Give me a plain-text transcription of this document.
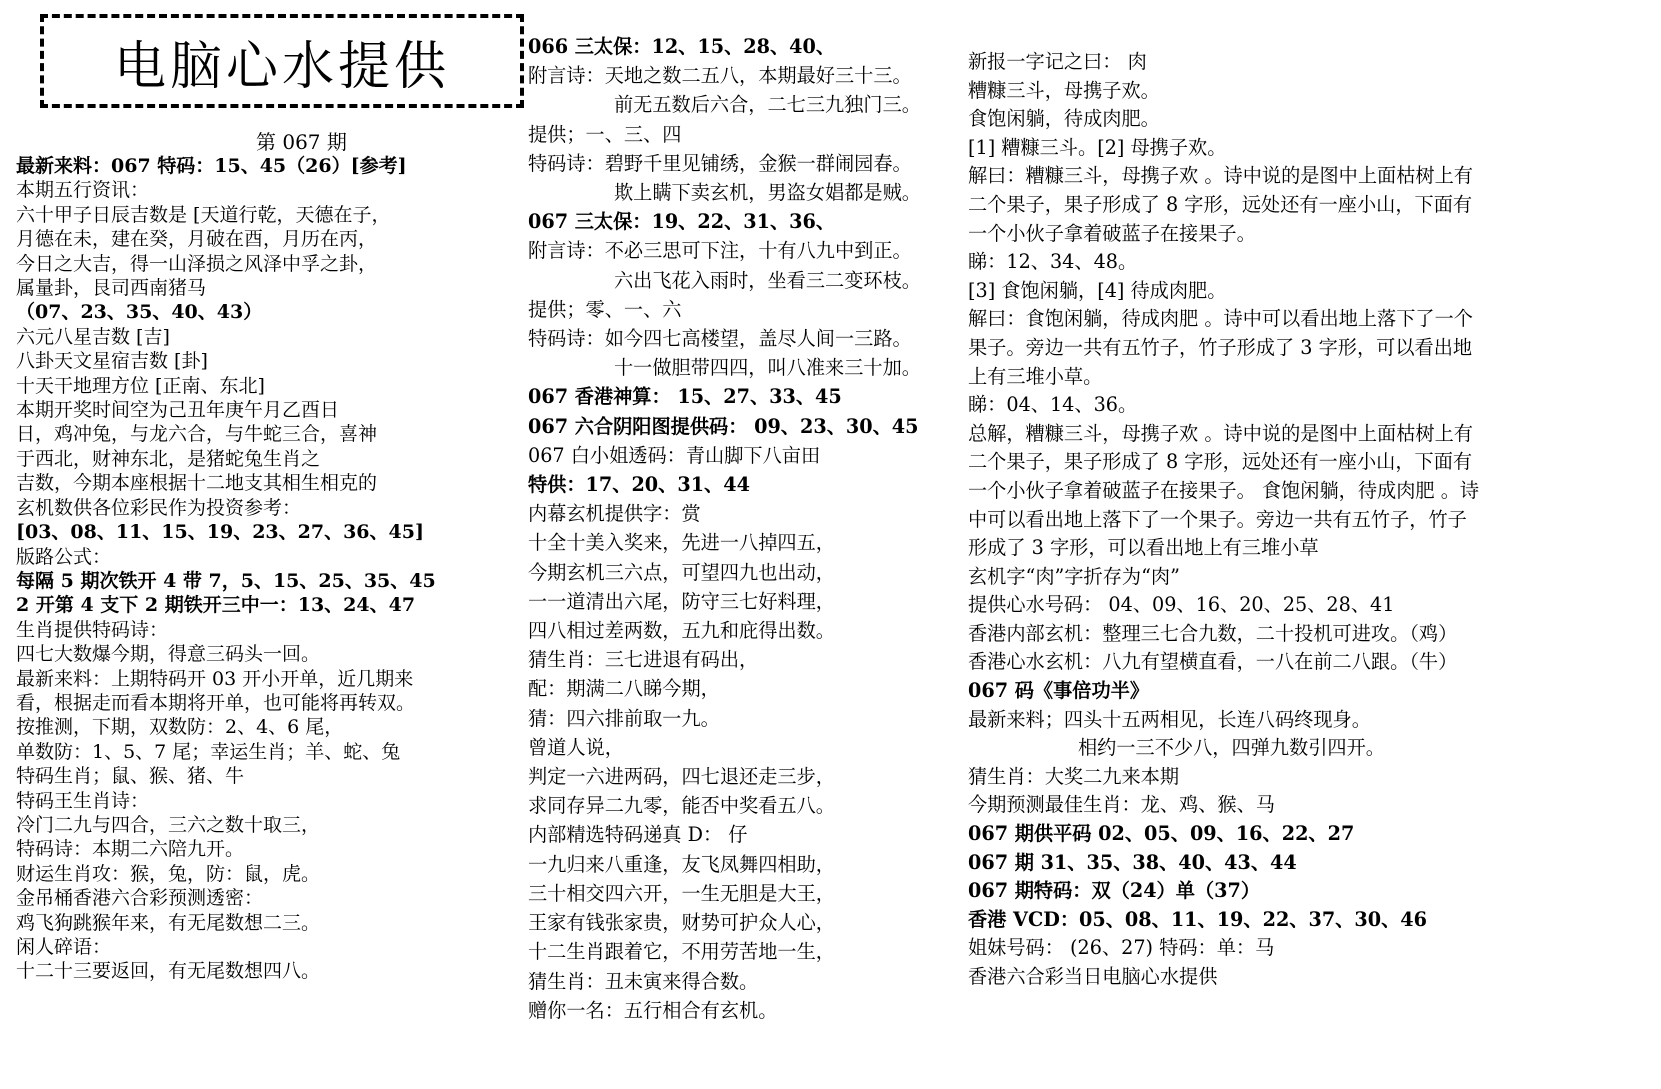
电脑心水提供
第 067 期
最新来料：067 特码：15、45（26）[参考]
本期五行资讯：
六十甲子日辰吉数是 [天道行乾，天德在子，
月德在未，建在癸，月破在酉，月历在丙，
今日之大吉，得一山泽损之风泽中孚之卦，
属量卦，艮司西南猪马
（07、23、35、40、43）
六元八星吉数 [吉]
八卦天文星宿吉数 [卦]
十天干地理方位 [正南、东北]
本期开奖时间空为己丑年庚午月乙酉日
日，鸡冲兔，与龙六合，与牛蛇三合，喜神
于西北，财神东北，是猪蛇兔生肖之
吉数，今期本座根据十二地支其相生相克的
玄机数供各位彩民作为投资参考：
[03、08、11、15、19、23、27、36、45]
版路公式：
每隔 5 期次铁开 4 带 7，5、15、25、35、45
2 开第 4 支下 2 期铁开三中一：13、24、47
生肖提供特码诗：
四七大数爆今期，得意三码头一回。
最新来料：上期特码开 03 开小开单，近几期来
看，根据走而看本期将开单，也可能将再转双。
按推测，下期，双数防：2、4、6 尾，
单数防：1、5、7 尾；幸运生肖；羊、蛇、兔
特码生肖；鼠、猴、猪、牛
特码王生肖诗：
冷门二九与四合，三六之数十取三，
特码诗：本期二六陪九开。
财运生肖攻：猴，兔，防：鼠，虎。
金吊桶香港六合彩预测透密：
鸡飞狗跳猴年来，有无尾数想二三。
闲人碎语：
十二十三要返回，有无尾数想四八。
066 三太保：12、15、28、40、
附言诗：天地之数二五八，本期最好三十三。
前无五数后六合，二七三九独门三。
提供；一、三、四
特码诗：碧野千里见铺绣，金猴一群闹园春。
欺上瞒下卖玄机，男盗女娼都是贼。
067 三太保：19、22、31、36、
附言诗：不必三思可下注，十有八九中到正。
六出飞花入雨时，坐看三二变环枝。
提供；零、一、六
特码诗：如今四七高楼望，盖尽人间一三路。
十一做胆带四四，叫八准来三十加。
067 香港神算： 15、27、33、45
067 六合阴阳图提供码： 09、23、30、45
067 白小姐透码：青山脚下八亩田
特供：17、20、31、44
内幕玄机提供字：赏
十全十美入奖来，先进一八掉四五，
今期玄机三六点，可望四九也出动，
一一道清出六尾，防守三七好料理，
四八相过差两数，五九和庇得出数。
猜生肖：三七进退有码出，
配：期满二八睇今期，
猜：四六排前取一九。
曾道人说，
判定一六进两码，四七退还走三步，
求同存异二九零，能否中奖看五八。
内部精选特码递真 D： 仔
一九归来八重逢，友飞凤舞四相助，
三十相交四六开，一生无胆是大王，
王家有钱张家贵，财势可护众人心，
十二生肖跟着它，不用劳苦地一生，
猜生肖：丑未寅来得合数。
赠你一名：五行相合有玄机。
新报一字记之曰： 肉
糟糠三斗，母携子欢。
食饱闲躺，待成肉肥。
[1] 糟糠三斗。[2] 母携子欢。
解曰：糟糠三斗，母携子欢 。诗中说的是图中上面枯树上有
二个果子，果子形成了 8 字形，远处还有一座小山，下面有
一个小伙子拿着破蓝子在接果子。
睇：12、34、48。
[3] 食饱闲躺，[4] 待成肉肥。
解曰：食饱闲躺，待成肉肥 。诗中可以看出地上落下了一个
果子。旁边一共有五竹子，竹子形成了 3 字形，可以看出地
上有三堆小草。
睇：04、14、36。
总解，糟糠三斗，母携子欢 。诗中说的是图中上面枯树上有
二个果子，果子形成了 8 字形，远处还有一座小山，下面有
一个小伙子拿着破蓝子在接果子。 食饱闲躺，待成肉肥 。诗
中可以看出地上落下了一个果子。旁边一共有五竹子，竹子
形成了 3 字形，可以看出地上有三堆小草
玄机字“肉”字折存为“肉”
提供心水号码： 04、09、16、20、25、28、41
香港内部玄机：整理三七合九数，二十投机可进攻。（鸡）
香港心水玄机：八九有望横直看，一八在前二八跟。（牛）
067 码《事倍功半》
最新来料；四头十五两相见，长连八码终现身。
相约一三不少八，四弹九数引四开。
猜生肖：大奖二九来本期
今期预测最佳生肖：龙、鸡、猴、马
067 期供平码 02、05、09、16、22、27
067 期 31、35、38、40、43、44
067 期特码：双（24）单（37）
香港 VCD：05、08、11、19、22、37、30、46
姐妹号码： (26、27) 特码：单：马
香港六合彩当日电脑心水提供
